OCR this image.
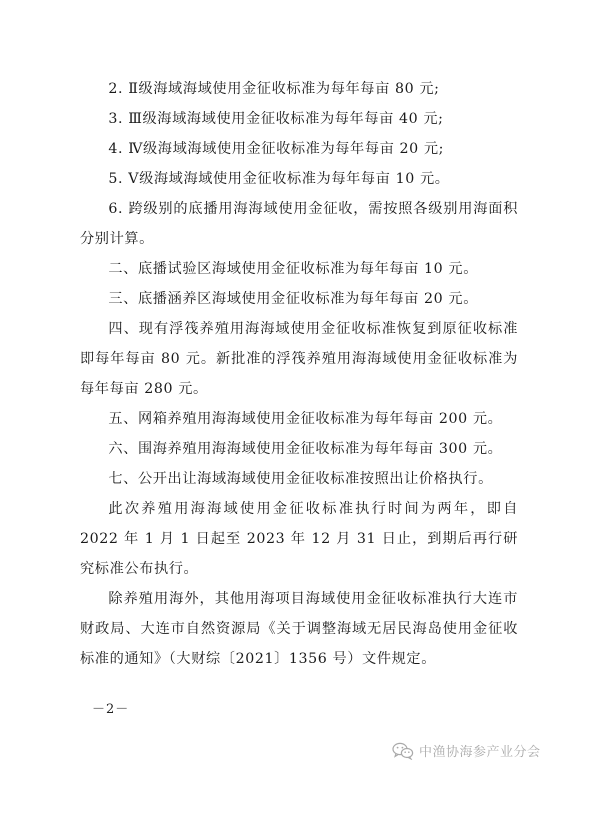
2. Ⅱ级海域海域使用金征收标准为每年每亩 80 元;

3. Ⅲ级海域海域使用金征收标准为每年每亩 40 元;

4. Ⅳ级海域海域使用金征收标准为每年每亩 20 元;

5. Ⅴ级海域海域使用金征收标准为每年每亩 10 元。

6. 跨级别的底播用海海域使用金征收，需按照各级别用海面积分别计算。

二、底播试验区海域使用金征收标准为每年每亩 10 元。

三、底播涵养区海域使用金征收标准为每年每亩 20 元。

四、现有浮筏养殖用海海域使用金征收标准恢复到原征收标准即每年每亩 80 元。新批准的浮筏养殖用海海域使用金征收标准为每年每亩 280 元。

五、网箱养殖用海海域使用金征收标准为每年每亩 200 元。

六、围海养殖用海海域使用金征收标准为每年每亩 300 元。

七、公开出让海域海域使用金征收标准按照出让价格执行。

此次养殖用海海域使用金征收标准执行时间为两年，即自 2022 年 1 月 1 日起至 2023 年 12 月 31 日止，到期后再行研究标准公布执行。

除养殖用海外，其他用海项目海域使用金征收标准执行大连市财政局、大连市自然资源局《关于调整海域无居民海岛使用金征收标准的通知》（大财综〔2021〕1356 号）文件规定。

－2－
中渔协海参产业分会
